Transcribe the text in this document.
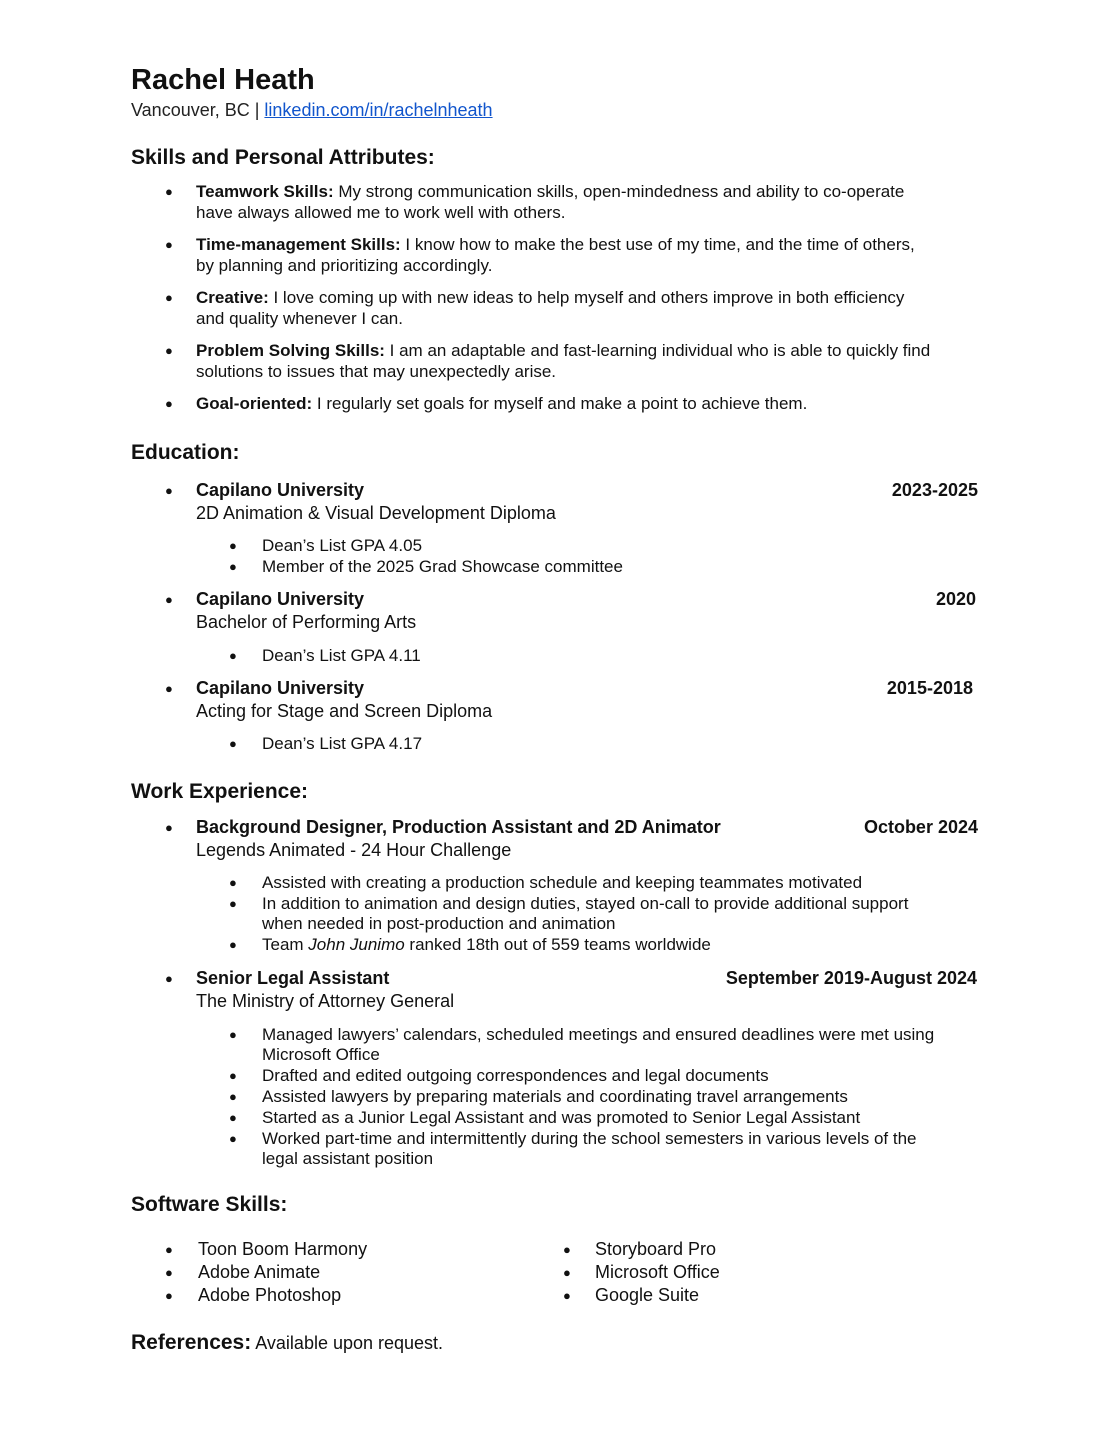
Rachel Heath
Vancouver, BC | linkedin.com/in/rachelnheath
Skills and Personal Attributes:
● Teamwork Skills: My strong communication skills, open-mindedness and ability to co-operate
have always allowed me to work well with others.
● Time-management Skills: I know how to make the best use of my time, and the time of others,
by planning and prioritizing accordingly.
● Creative: I love coming up with new ideas to help myself and others improve in both efficiency
and quality whenever I can.
● Problem Solving Skills: I am an adaptable and fast-learning individual who is able to quickly find
solutions to issues that may unexpectedly arise.
● Goal-oriented: I regularly set goals for myself and make a point to achieve them.
Education:
● Capilano University	2023-2025
2D Animation & Visual Development Diploma
● Dean’s List GPA 4.05
● Member of the 2025 Grad Showcase committee
● Capilano University	2020
Bachelor of Performing Arts
● Dean’s List GPA 4.11
● Capilano University	2015-2018
Acting for Stage and Screen Diploma
● Dean’s List GPA 4.17
Work Experience:
● Background Designer, Production Assistant and 2D Animator	October 2024
Legends Animated - 24 Hour Challenge
● Assisted with creating a production schedule and keeping teammates motivated
● In addition to animation and design duties, stayed on-call to provide additional support
when needed in post-production and animation
● Team John Junimo ranked 18th out of 559 teams worldwide
● Senior Legal Assistant	September 2019-August 2024
The Ministry of Attorney General
● Managed lawyers’ calendars, scheduled meetings and ensured deadlines were met using
Microsoft Office
● Drafted and edited outgoing correspondences and legal documents
● Assisted lawyers by preparing materials and coordinating travel arrangements
● Started as a Junior Legal Assistant and was promoted to Senior Legal Assistant
● Worked part-time and intermittently during the school semesters in various levels of the
legal assistant position
Software Skills:
● Toon Boom Harmony
● Adobe Animate
● Adobe Photoshop
● Storyboard Pro
● Microsoft Office
● Google Suite
References: Available upon request.
